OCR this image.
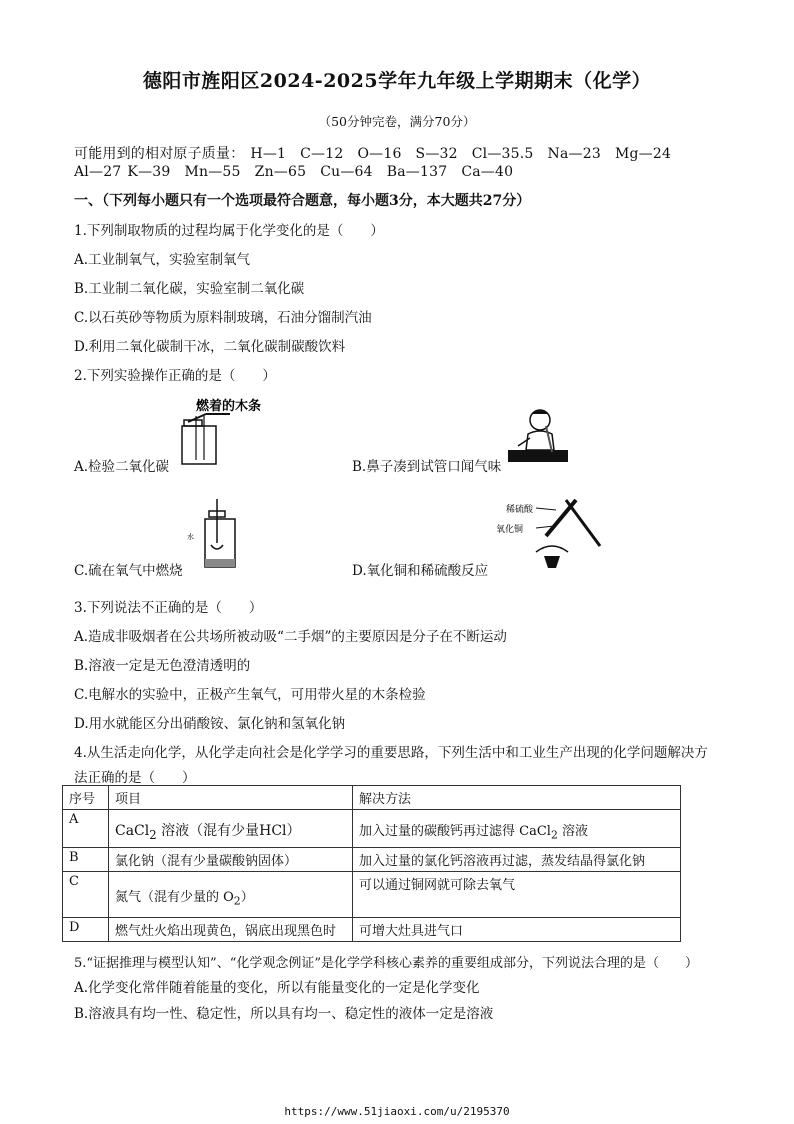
德阳市旌阳区2024-2025学年九年级上学期期末（化学）
（50分钟完卷，满分70分）
可能用到的相对原子质量： H—1 C—12 O—16 S—32 Cl—35.5 Na—23 Mg—24
Al—27 K—39 Mn—55 Zn—65 Cu—64 Ba—137 Ca—40
一、（下列每小题只有一个选项最符合题意，每小题3分，本大题共27分）
1.下列制取物质的过程均属于化学变化的是（　　）
A.工业制氧气，实验室制氧气
B.工业制二氧化碳，实验室制二氧化碳
C.以石英砂等物质为原料制玻璃，石油分馏制汽油
D.利用二氧化碳制干冰，二氧化碳制碳酸饮料
2.下列实验操作正确的是（　　）
燃着的木条
A.检验二氧化碳	B.鼻子凑到试管口闻气味
水
C.硫在氧气中燃烧
稀硫酸
氧化铜
D.氧化铜和稀硫酸反应
3.下列说法不正确的是（　　）
A.造成非吸烟者在公共场所被动吸“二手烟”的主要原因是分子在不断运动
B.溶液一定是无色澄清透明的
C.电解水的实验中，正极产生氧气，可用带火星的木条检验
D.用水就能区分出硝酸铵、氯化钠和氢氧化钠
4.从生活走向化学，从化学走向社会是化学学习的重要思路，下列生活中和工业生产出现的化学问题解决方
法正确的是（　　）
序号	项目	解决方法
A	CaCl$_2$ 溶液（混有少量HCl）	加入过量的碳酸钙再过滤得 CaCl$_2$ 溶液
B	氯化钠（混有少量碳酸钠固体）	加入过量的氯化钙溶液再过滤，蒸发结晶得氯化钠
C	氮气（混有少量的 $O_2$）	可以通过铜网就可除去氧气
D	燃气灶火焰出现黄色，锅底出现黑色时	可增大灶具进气口
5.“证据推理与模型认知”、“化学观念例证”是化学学科核心素养的重要组成部分，下列说法合理的是（　　）
A.化学变化常伴随着能量的变化，所以有能量变化的一定是化学变化
B.溶液具有均一性、稳定性，所以具有均一、稳定性的液体一定是溶液
https://www.51jiaoxi.com/u/2195370
